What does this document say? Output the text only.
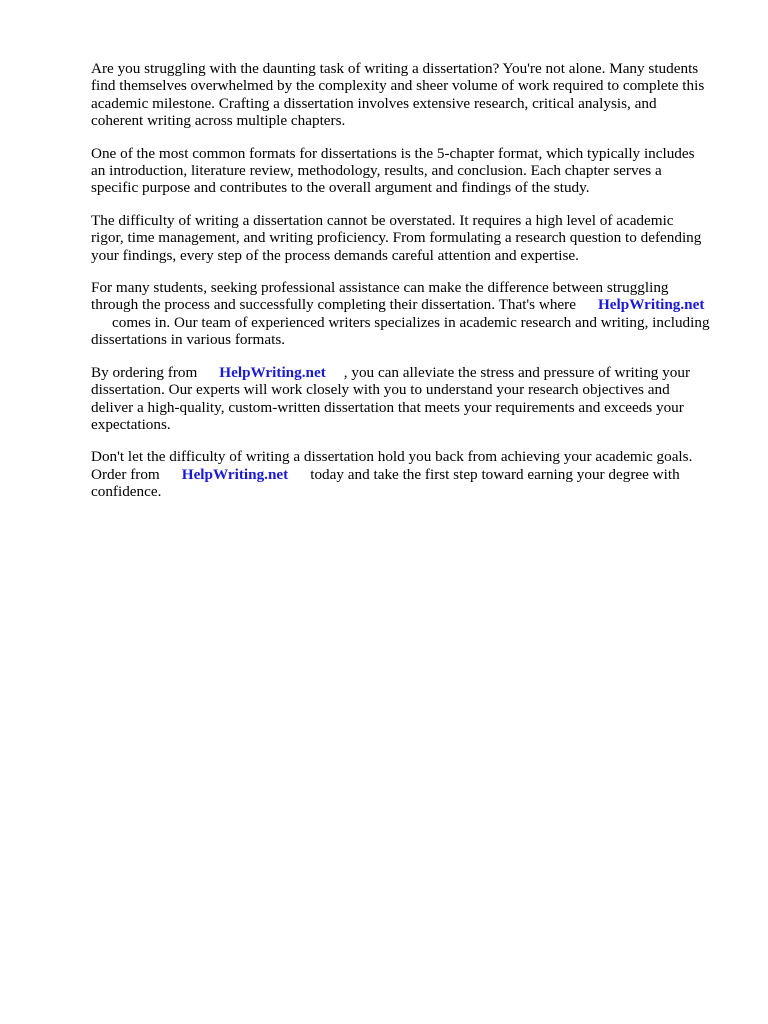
Are you struggling with the daunting task of writing a dissertation? You're not alone. Many students
find themselves overwhelmed by the complexity and sheer volume of work required to complete this
academic milestone. Crafting a dissertation involves extensive research, critical analysis, and
coherent writing across multiple chapters.

One of the most common formats for dissertations is the 5-chapter format, which typically includes
an introduction, literature review, methodology, results, and conclusion. Each chapter serves a
specific purpose and contributes to the overall argument and findings of the study.

The difficulty of writing a dissertation cannot be overstated. It requires a high level of academic
rigor, time management, and writing proficiency. From formulating a research question to defending
your findings, every step of the process demands careful attention and expertise.

For many students, seeking professional assistance can make the difference between struggling
through the process and successfully completing their dissertation. That's where HelpWriting.net
comes in. Our team of experienced writers specializes in academic research and writing, including
dissertations in various formats.

By ordering from HelpWriting.net , you can alleviate the stress and pressure of writing your
dissertation. Our experts will work closely with you to understand your research objectives and
deliver a high-quality, custom-written dissertation that meets your requirements and exceeds your
expectations.

Don't let the difficulty of writing a dissertation hold you back from achieving your academic goals.
Order from HelpWriting.net today and take the first step toward earning your degree with
confidence.
